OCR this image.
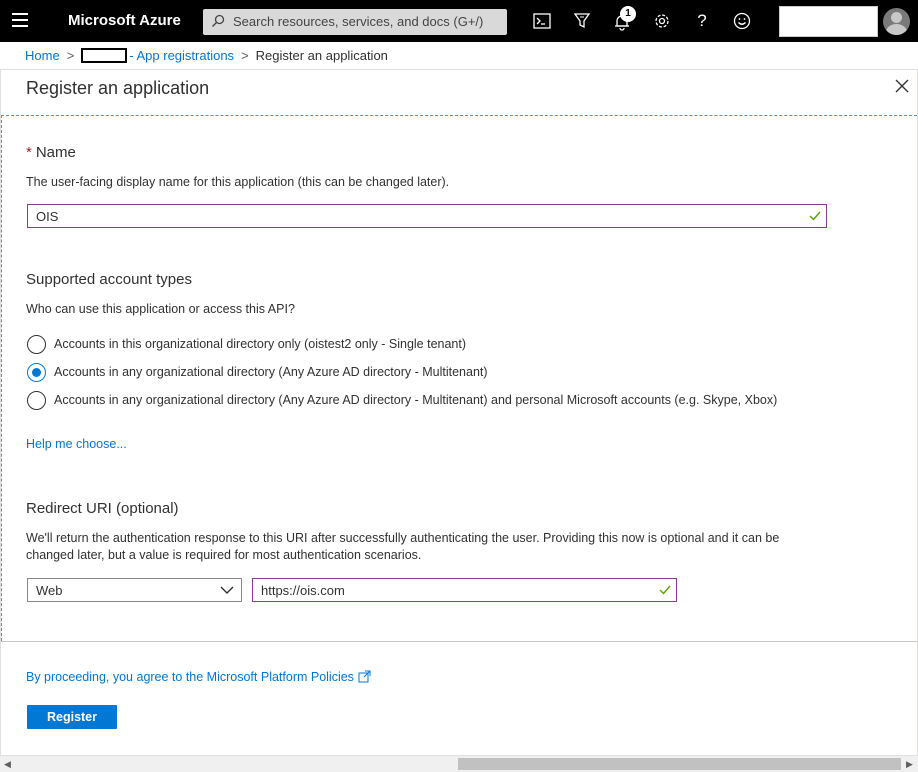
Microsoft Azure	Search resources, services, and docs (G+/)
1	?
Home >	- App registrations > Register an application
Register an application
* Name
The user-facing display name for this application (this can be changed later).
OIS
Supported account types
Who can use this application or access this API?
Accounts in this organizational directory only (oistest2 only - Single tenant)
Accounts in any organizational directory (Any Azure AD directory - Multitenant)
Accounts in any organizational directory (Any Azure AD directory - Multitenant) and personal Microsoft accounts (e.g. Skype, Xbox)
Help me choose...
Redirect URI (optional)
We'll return the authentication response to this URI after successfully authenticating the user. Providing this now is optional and it can be
changed later, but a value is required for most authentication scenarios.
Web	https://ois.com
By proceeding, you agree to the Microsoft Platform Policies
Register
◀	▶
